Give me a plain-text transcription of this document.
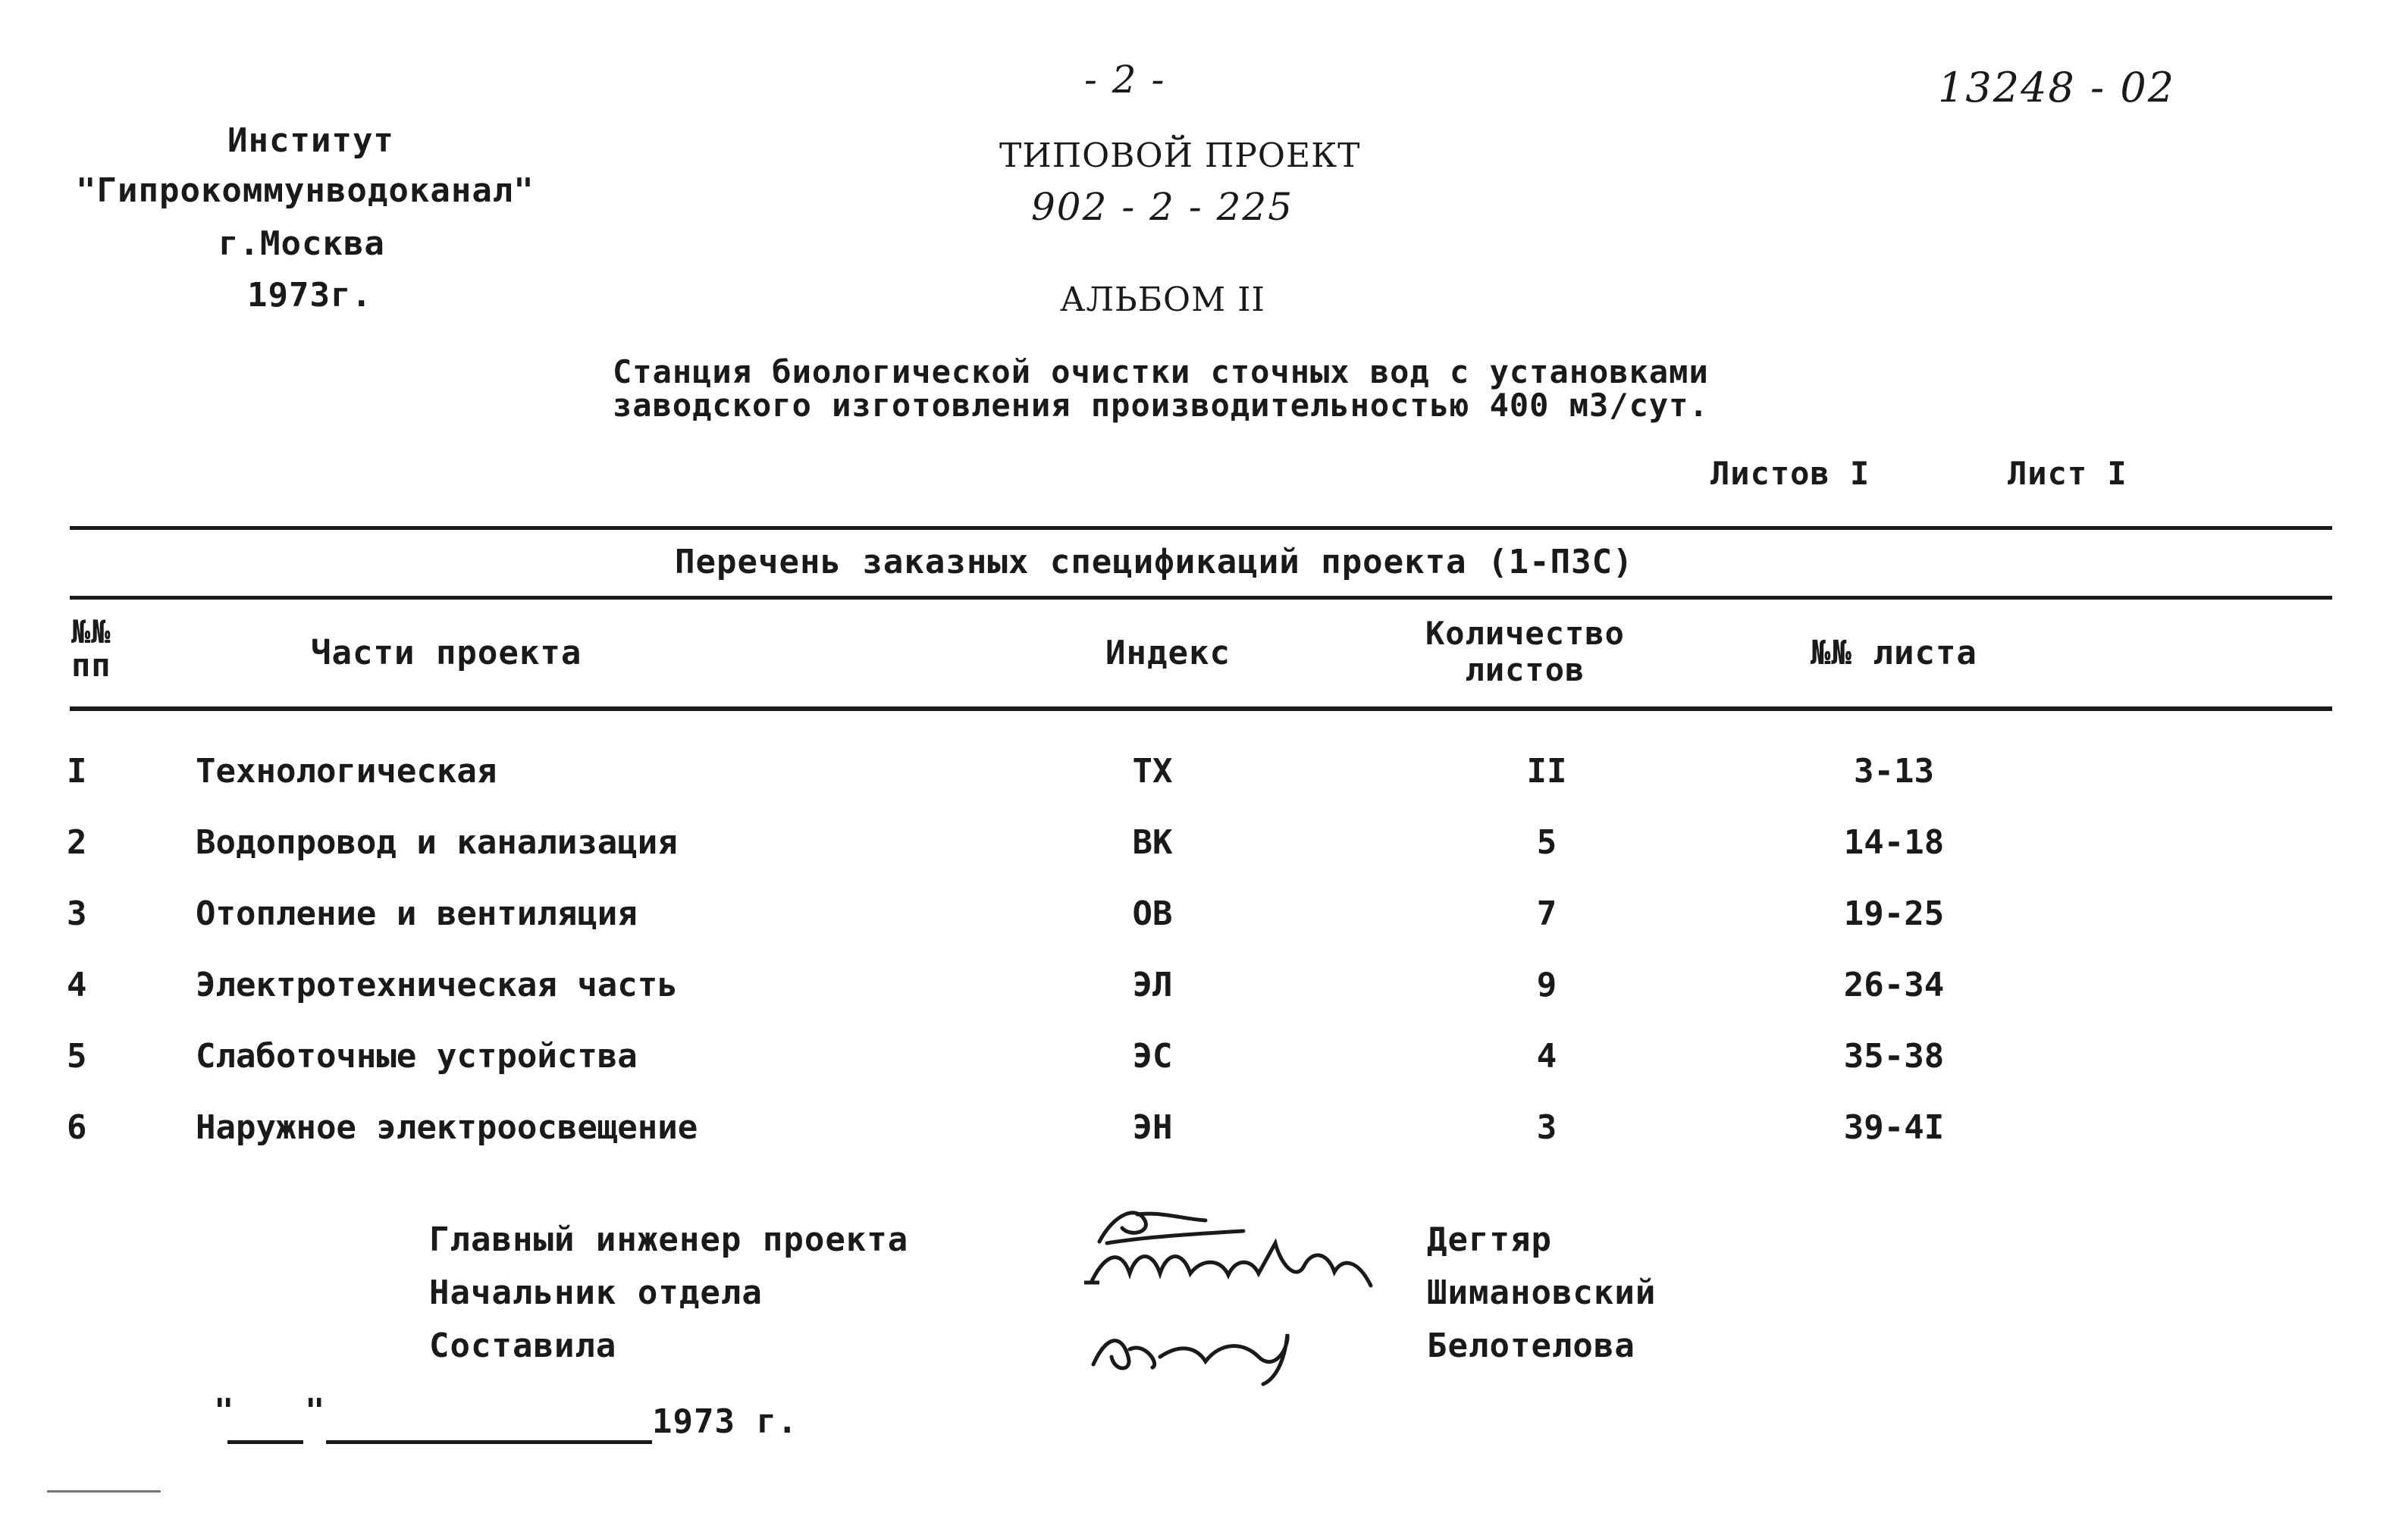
Институт
"Гипрокоммунводоканал"
г.Москва
1973г.
- 2 -
ТИПОВОЙ ПРОЕКТ
902 - 2 - 225
АЛЬБОМ II
13248 - 02
Станция биологической очистки сточных вод с установками
заводского изготовления производительностью 400 м3/сут.
Листов I	Лист I
Перечень заказных спецификаций проекта (1-ПЗС)
№№
пп	Части проекта	Индекс
Количество
листов	№№ листа
I	Технологическая	ТХ	II	3-13
2	Водопровод и канализация	ВК	5	14-18
3	Отопление и вентиляция	ОВ	7	19-25
4	Электротехническая часть	ЭЛ	9	26-34
5	Слаботочные устройства	ЭС	4	35-38
6	Наружное электроосвещение	ЭН	3	39-4I
Главный инженер проекта
Начальник отдела
Составила
Дегтяр
Шимановский
Белотелова
" "	1973 г.
